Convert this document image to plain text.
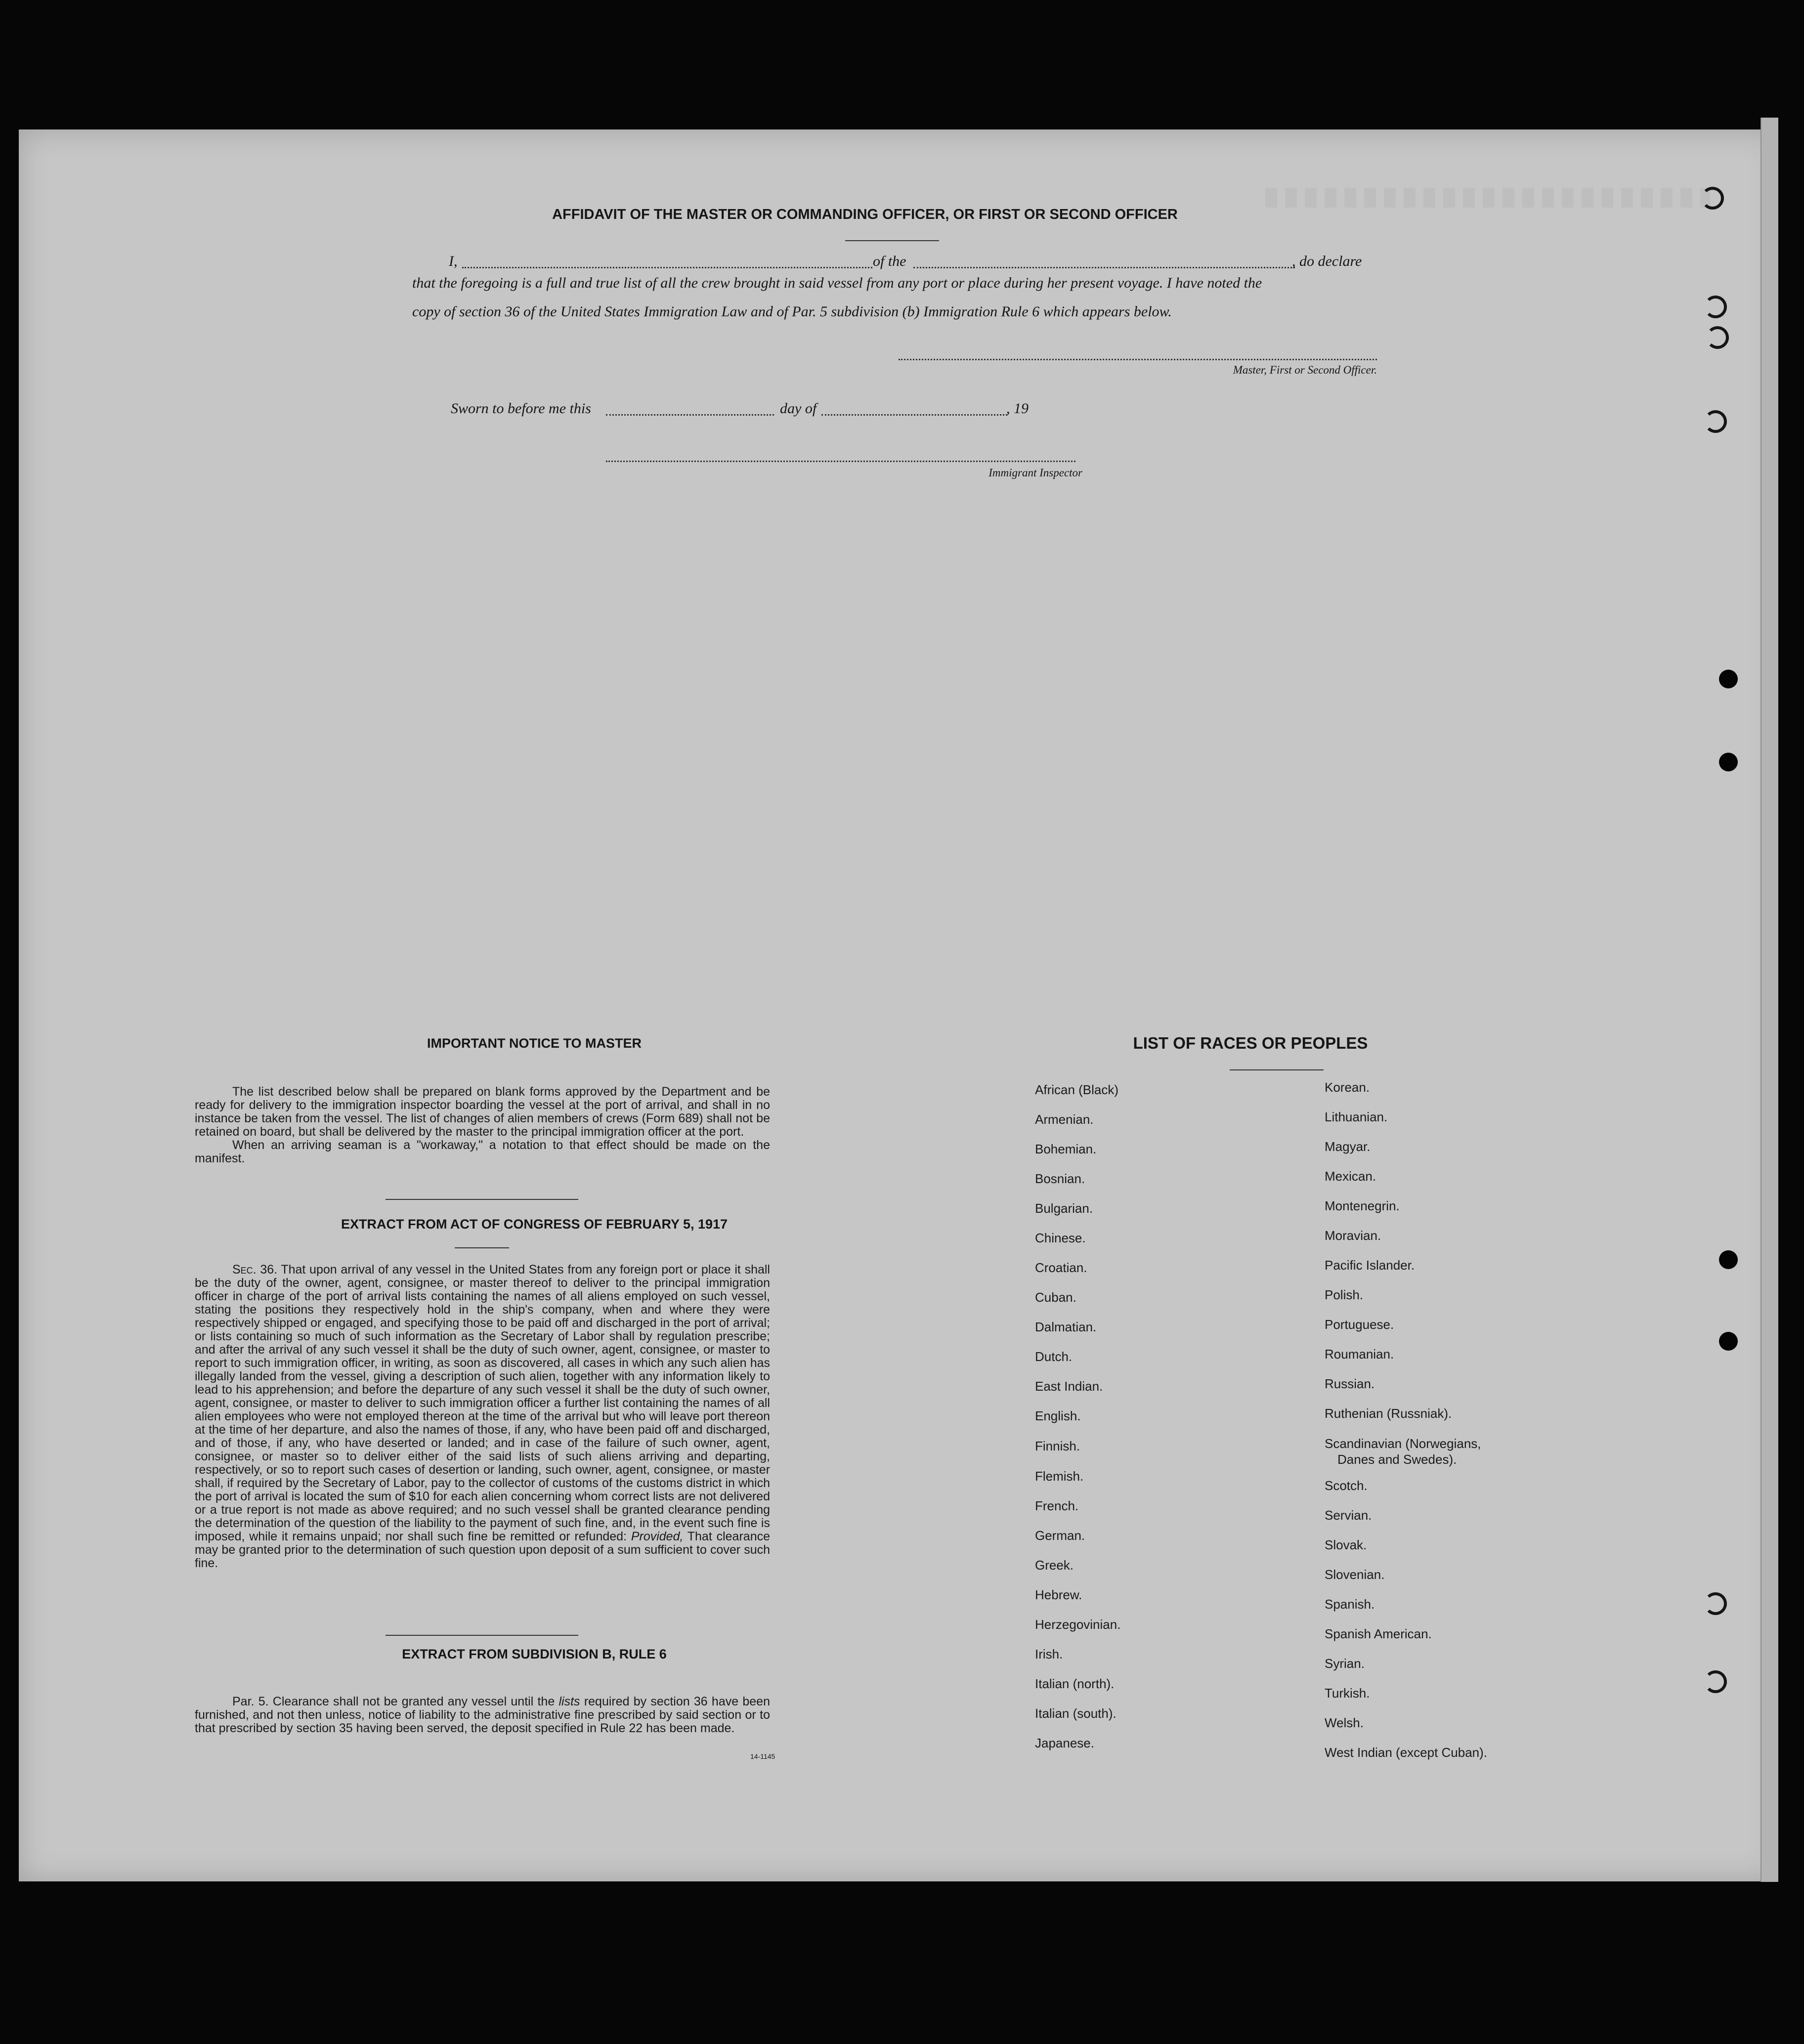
AFFIDAVIT OF THE MASTER OR COMMANDING OFFICER, OR FIRST OR SECOND OFFICER
I,	of the	, do declare
that the foregoing is a full and true list of all the crew brought in said vessel from any port or place during her present voyage. I have noted the
copy of section 36 of the United States Immigration Law and of Par. 5 subdivision (b) Immigration Rule 6 which appears below.
Master, First or Second Officer.
Sworn to before me this	day of	, 19
Immigrant Inspector
IMPORTANT NOTICE TO MASTER

The list described below shall be prepared on blank forms approved by the Department and be ready for delivery to the immigration inspector boarding the vessel at the port of arrival, and shall in no instance be taken from the vessel. The list of changes of alien members of crews (Form 689) shall not be retained on board, but shall be delivered by the master to the principal immigration officer at the port.

When an arriving seaman is a "workaway," a notation to that effect should be made on the manifest.

EXTRACT FROM ACT OF CONGRESS OF FEBRUARY 5, 1917

Sec. 36. That upon arrival of any vessel in the United States from any foreign port or place it shall be the duty of the owner, agent, consignee, or master thereof to deliver to the principal immigration officer in charge of the port of arrival lists containing the names of all aliens employed on such vessel, stating the positions they respectively hold in the ship's company, when and where they were respectively shipped or engaged, and specifying those to be paid off and discharged in the port of arrival; or lists containing so much of such information as the Secretary of Labor shall by regulation prescribe; and after the arrival of any such vessel it shall be the duty of such owner, agent, consignee, or master to report to such immigration officer, in writing, as soon as discovered, all cases in which any such alien has illegally landed from the vessel, giving a description of such alien, together with any information likely to lead to his apprehension; and before the departure of any such vessel it shall be the duty of such owner, agent, consignee, or master to deliver to such immigration officer a further list containing the names of all alien employees who were not employed thereon at the time of the arrival but who will leave port thereon at the time of her departure, and also the names of those, if any, who have been paid off and discharged, and of those, if any, who have deserted or landed; and in case of the failure of such owner, agent, consignee, or master so to deliver either of the said lists of such aliens arriving and departing, respectively, or so to report such cases of desertion or landing, such owner, agent, consignee, or master shall, if required by the Secretary of Labor, pay to the collector of customs of the customs district in which the port of arrival is located the sum of $10 for each alien concerning whom correct lists are not delivered or a true report is not made as above required; and no such vessel shall be granted clearance pending the determination of the question of the liability to the payment of such fine, and, in the event such fine is imposed, while it remains unpaid; nor shall such fine be remitted or refunded: Provided, That clearance may be granted prior to the determination of such question upon deposit of a sum sufficient to cover such fine.

EXTRACT FROM SUBDIVISION B, RULE 6

Par. 5. Clearance shall not be granted any vessel until the lists required by section 36 have been furnished, and not then unless, notice of liability to the administrative fine prescribed by said section or to that prescribed by section 35 having been served, the deposit specified in Rule 22 has been made.

14-1145
LIST OF RACES OR PEOPLES
African (Black)
Armenian.
Bohemian.
Bosnian.
Bulgarian.
Chinese.
Croatian.
Cuban.
Dalmatian.
Dutch.
East Indian.
English.
Finnish.
Flemish.
French.
German.
Greek.
Hebrew.
Herzegovinian.
Irish.
Italian (north).
Italian (south).
Japanese.
Korean.
Lithuanian.
Magyar.
Mexican.
Montenegrin.
Moravian.
Pacific Islander.
Polish.
Portuguese.
Roumanian.
Russian.
Ruthenian (Russniak).
Scandinavian (Norwegians,
Danes and Swedes).
Scotch.
Servian.
Slovak.
Slovenian.
Spanish.
Spanish American.
Syrian.
Turkish.
Welsh.
West Indian (except Cuban).
